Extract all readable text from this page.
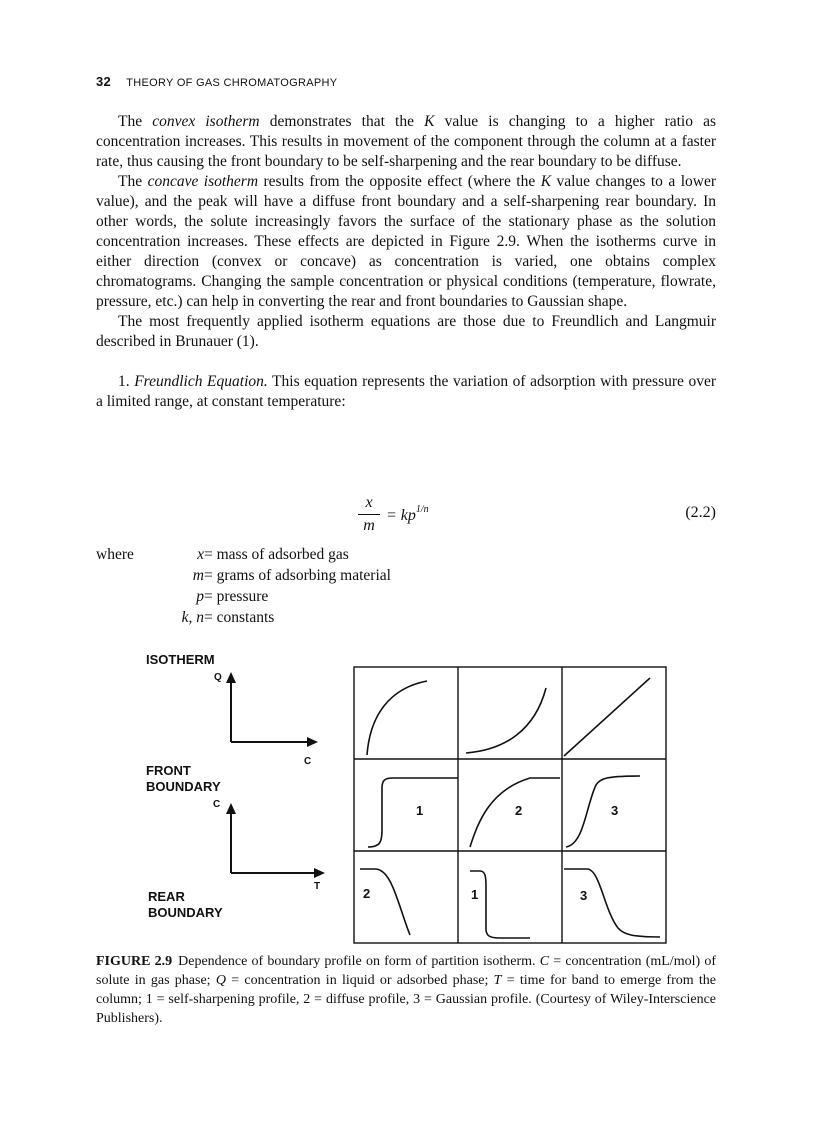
32 THEORY OF GAS CHROMATOGRAPHY

The convex isotherm demonstrates that the K value is changing to a higher ratio as concentration increases. This results in movement of the component through the column at a faster rate, thus causing the front boundary to be self-sharpening and the rear boundary to be diffuse.

The concave isotherm results from the opposite effect (where the K value changes to a lower value), and the peak will have a diffuse front boundary and a self-sharpening rear boundary. In other words, the solute increasingly favors the surface of the stationary phase as the solution concentration increases. These effects are depicted in Figure 2.9. When the isotherms curve in either direction (convex or concave) as concentration is varied, one obtains complex chromatograms. Changing the sample concentration or physical conditions (temperature, flowrate, pressure, etc.) can help in converting the rear and front boundaries to Gaussian shape.

The most frequently applied isotherm equations are those due to Freundlich and Langmuir described in Brunauer (1).

1. Freundlich Equation. This equation represents the variation of adsorption with pressure over a limited range, at constant temperature:

x
m
= $kp^{1/n}$	(2.2)
where	x = mass of adsorbed gas
m = grams of adsorbing material
p = pressure
k, n = constants
ISOTHERM
FRONT
BOUNDARY
REAR
BOUNDARY
Q
C
C
T
1	2	3
2	1	3
FIGURE 2.9 Dependence of boundary profile on form of partition isotherm. C = concentration (mL/mol) of solute in gas phase; Q = concentration in liquid or adsorbed phase; T = time for band to emerge from the column; 1 = self-sharpening profile, 2 = diffuse profile, 3 = Gaussian profile. (Courtesy of Wiley-Interscience Publishers).
